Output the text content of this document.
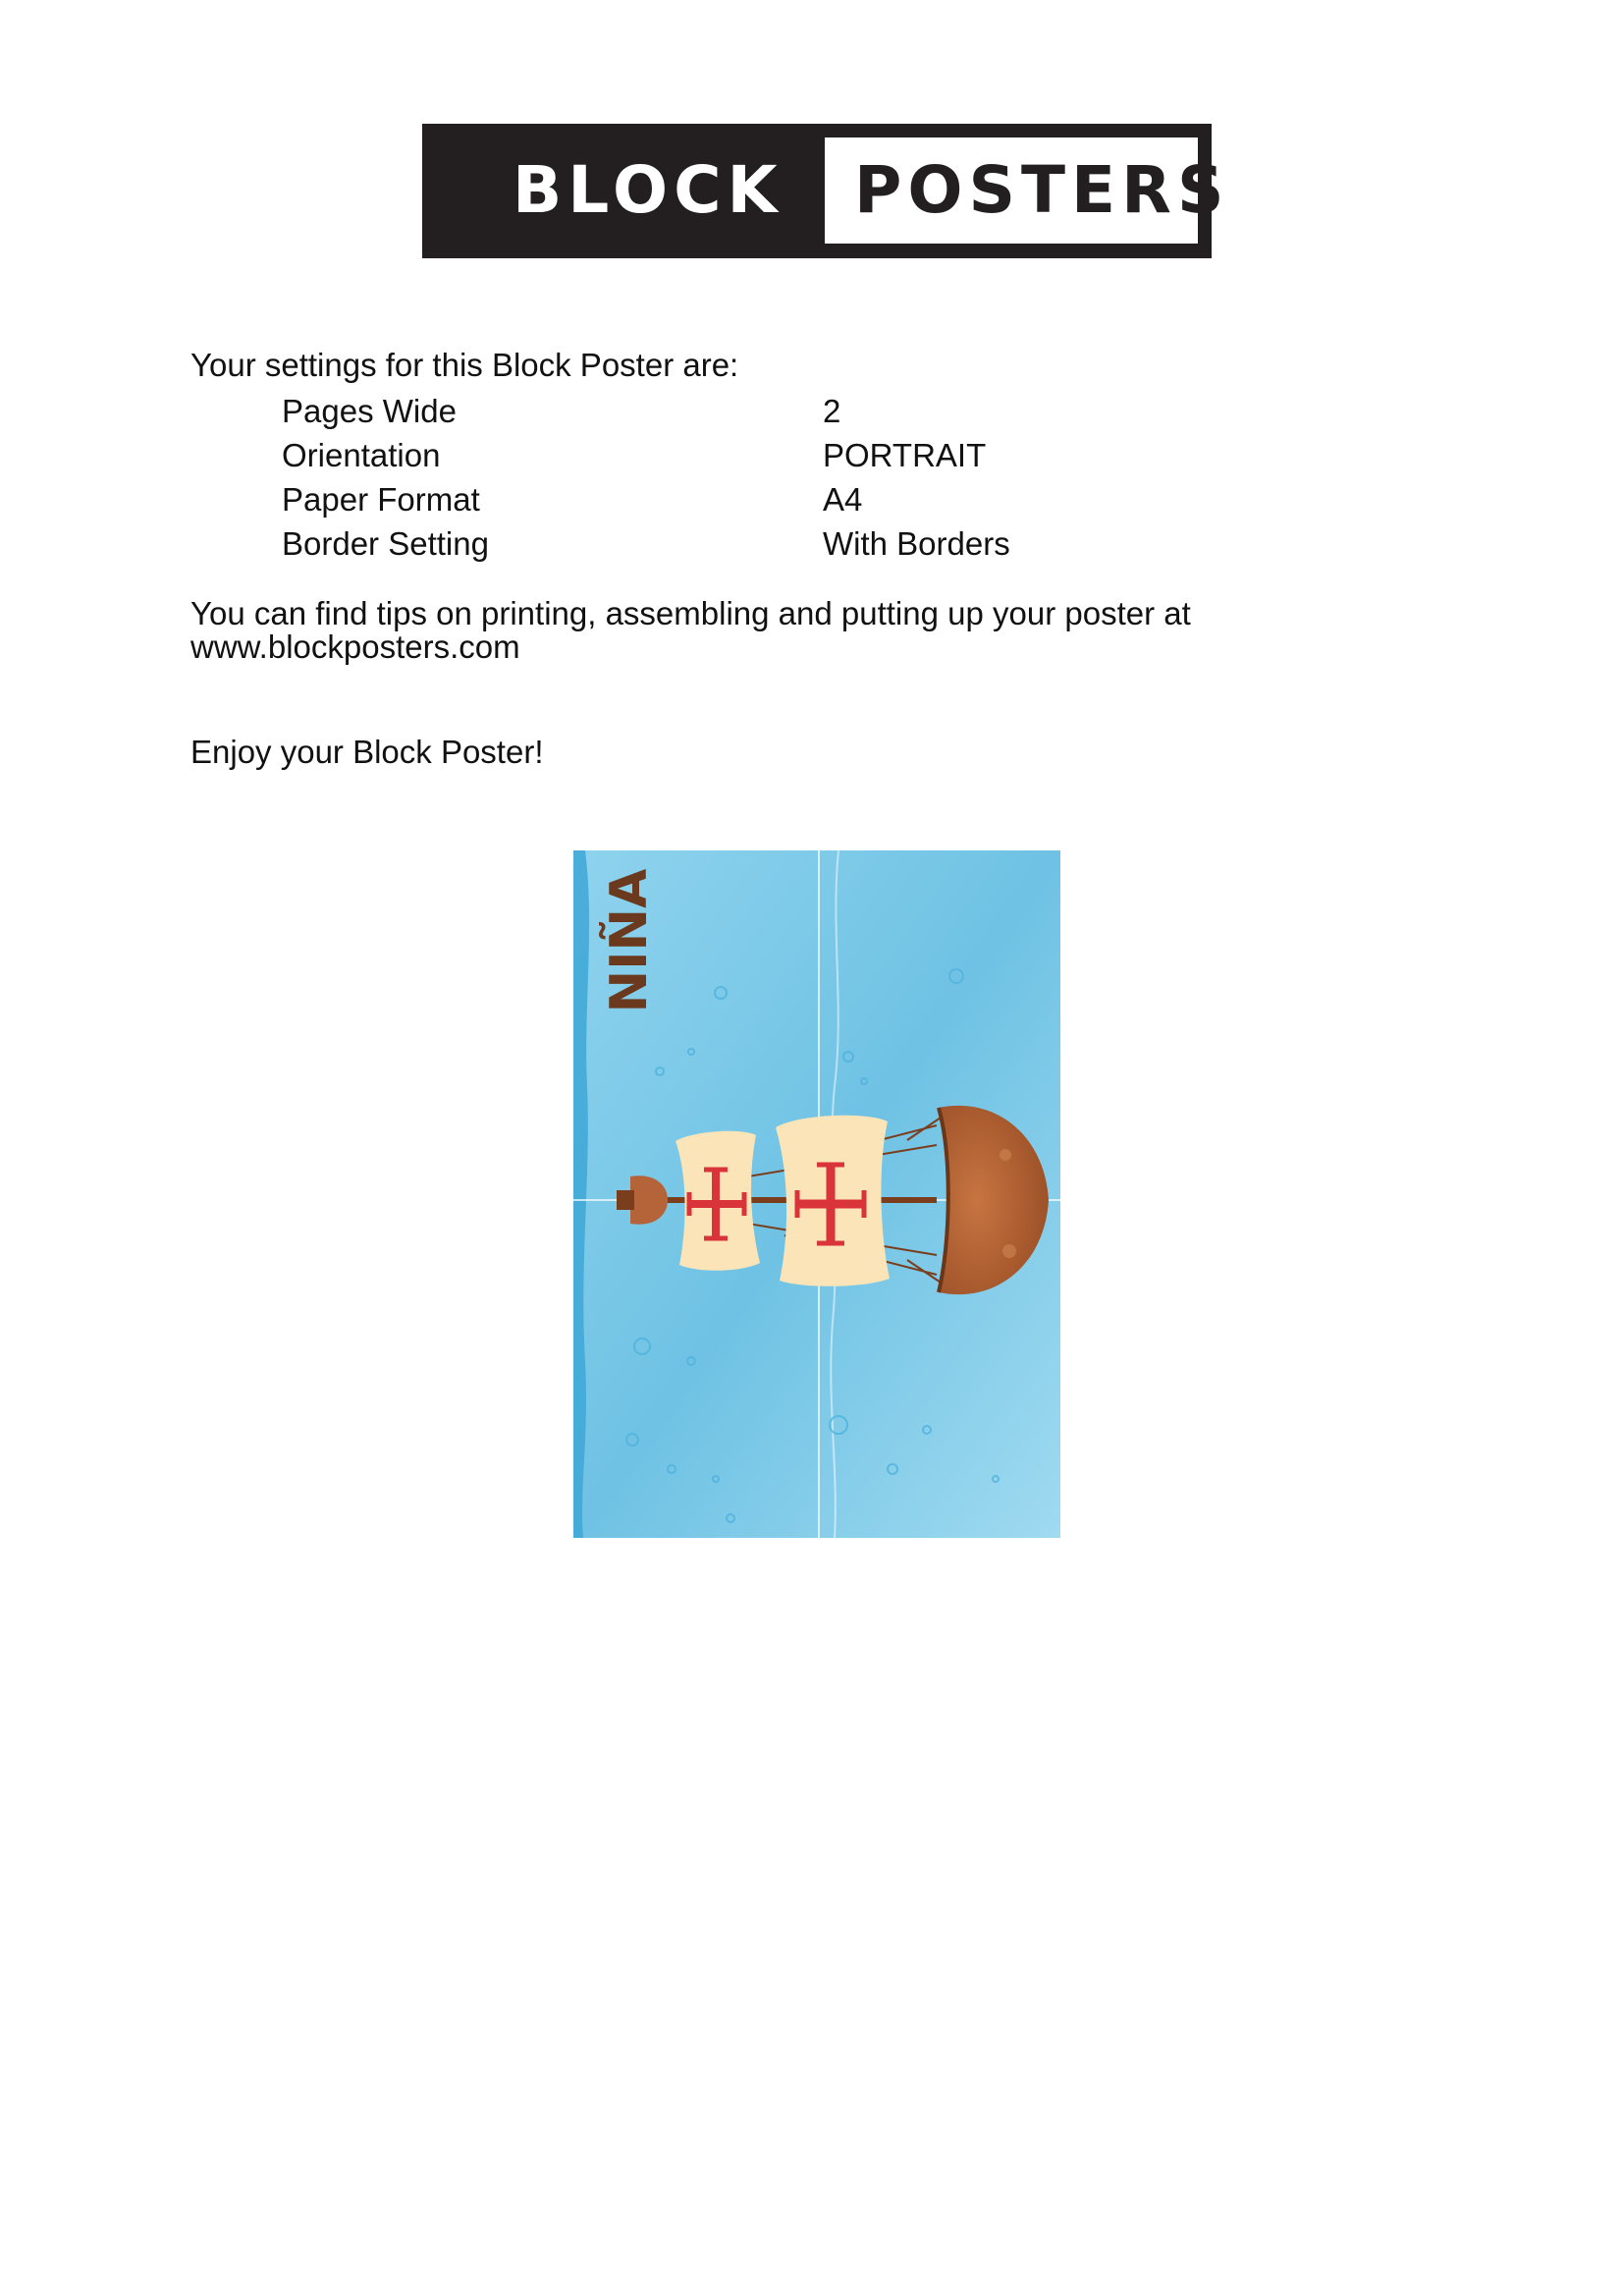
BLOCK POSTERS

Your settings for this Block Poster are:

Pages Wide	2
Orientation	PORTRAIT
Paper Format	A4
Border Setting	With Borders

You can find tips on printing, assembling and putting up your poster at
www.blockposters.com

Enjoy your Block Poster!

NIÑA
